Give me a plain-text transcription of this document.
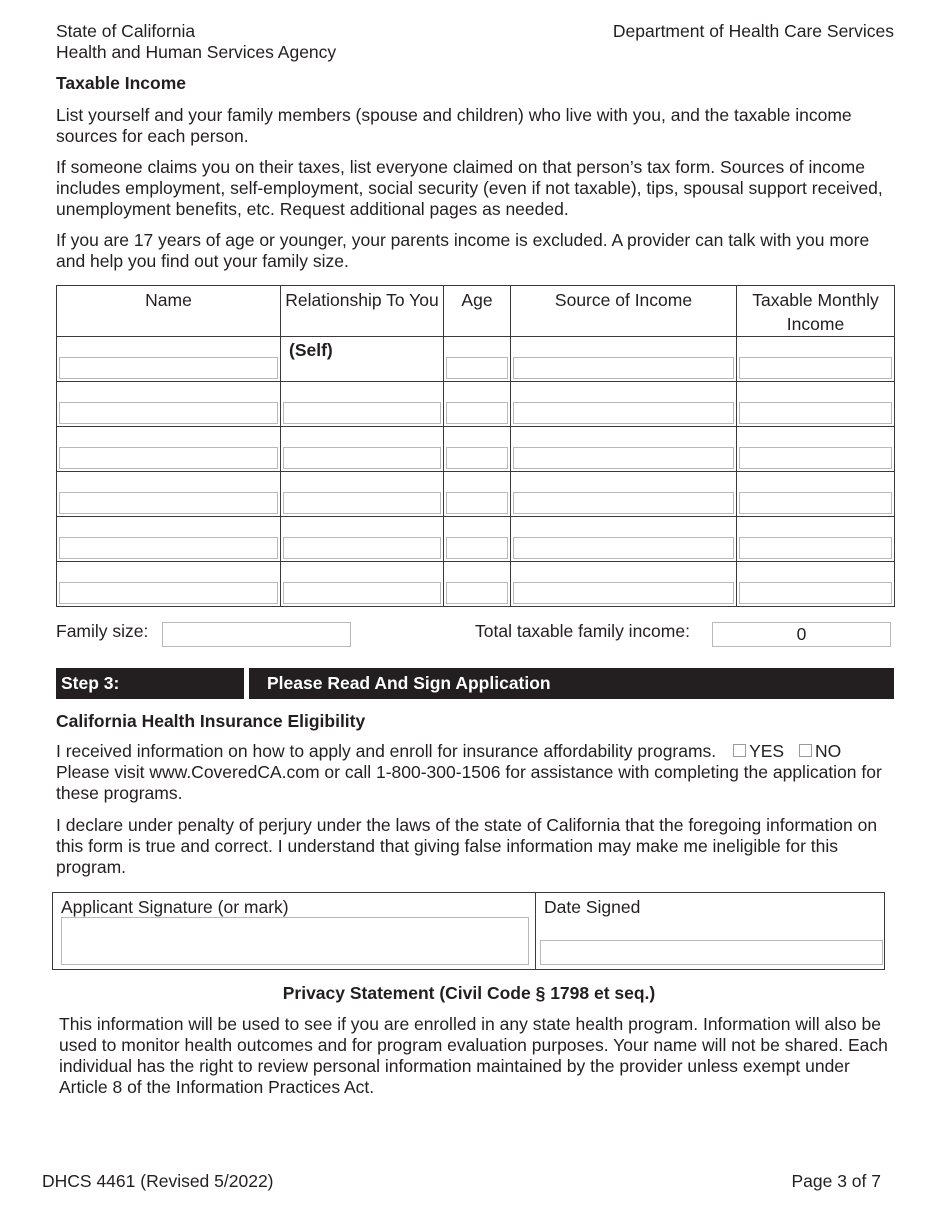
State of California
Health and Human Services Agency
Department of Health Care Services
Taxable Income

List yourself and your family members (spouse and children) who live with you, and the taxable income sources for each person.

If someone claims you on their taxes, list everyone claimed on that person’s tax form. Sources of income includes employment, self-employment, social security (even if not taxable), tips, spousal support received, unemployment benefits, etc. Request additional pages as needed.

If you are 17 years of age or younger, your parents income is excluded. A provider can talk with you more and help you find out your family size.

Name	Relationship To You	Age	Source of Income	Taxable Monthly Income

	(Self)			

Family size:	Total taxable family income:	0
Step 3:	Please Read And Sign Application
California Health Insurance Eligibility
I received information on how to apply and enroll for insurance affordability programs. YES NO
Please visit www.CoveredCA.com or call 1-800-300-1506 for assistance with completing the application for these programs.

I declare under penalty of perjury under the laws of the state of California that the foregoing information on this form is true and correct. I understand that giving false information may make me ineligible for this program.

Applicant Signature (or mark)	Date Signed
Privacy Statement (Civil Code § 1798 et seq.)

This information will be used to see if you are enrolled in any state health program. Information will also be used to monitor health outcomes and for program evaluation purposes. Your name will not be shared. Each individual has the right to review personal information maintained by the provider unless exempt under Article 8 of the Information Practices Act.

DHCS 4461 (Revised 5/2022)	Page 3 of 7
